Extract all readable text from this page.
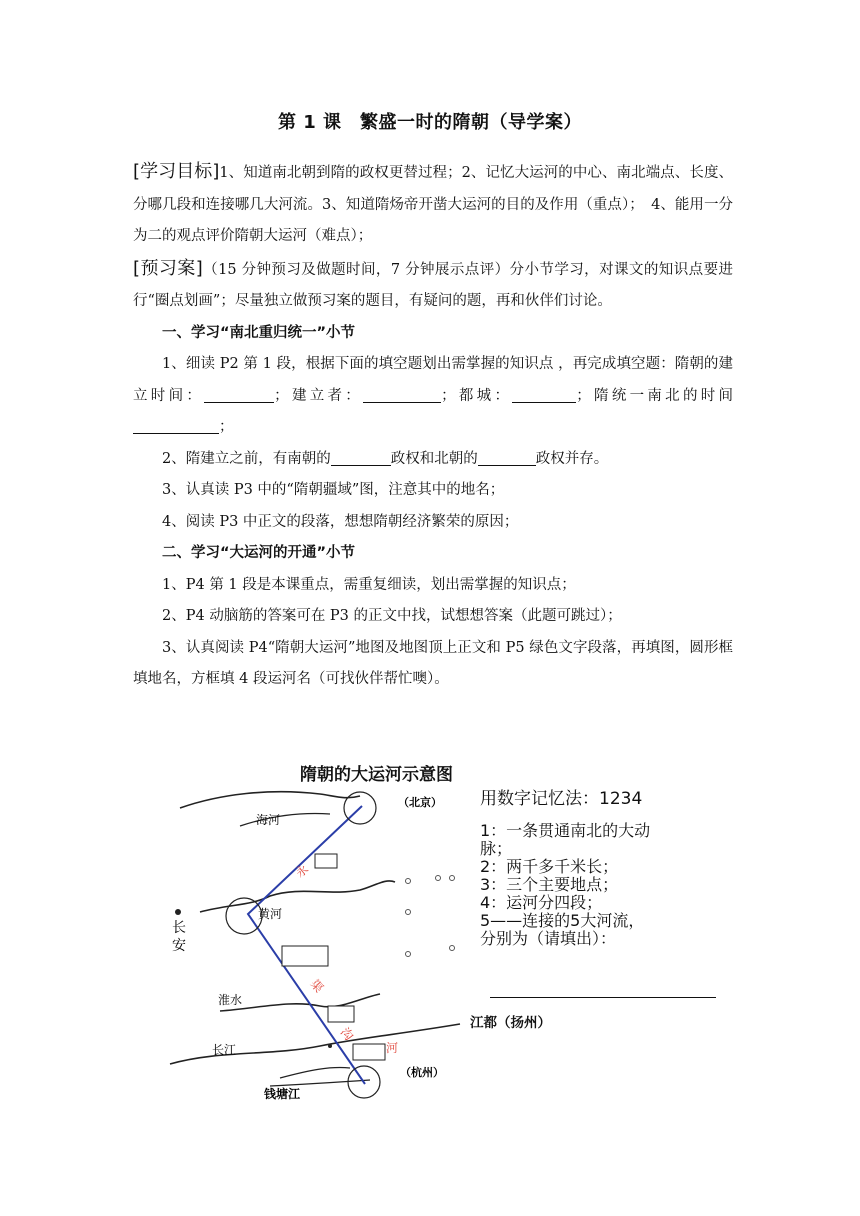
第 1 课　繁盛一时的隋朝（导学案）

[学习目标]1、知道南北朝到隋的政权更替过程；2、记忆大运河的中心、南北端点、长度、分哪几段和连接哪几大河流。3、知道隋炀帝开凿大运河的目的及作用（重点）；　4、能用一分为二的观点评价隋朝大运河（难点）；

[预习案]（15 分钟预习及做题时间，7 分钟展示点评）分小节学习，对课文的知识点要进行“圈点划画”；尽量独立做预习案的题目，有疑问的题，再和伙伴们讨论。

一、学习“南北重归统一”小节

1、细读 P2 第 1 段，根据下面的填空题划出需掌握的知识点 ，再完成填空题：隋朝的建立时间：	；建立者：	；都城：	；隋统一南北的时间；

2、隋建立之前，有南朝的	政权和北朝的	政权并存。

3、认真读 P3 中的“隋朝疆域”图，注意其中的地名；

4、阅读 P3 中正文的段落，想想隋朝经济繁荣的原因；

二、学习“大运河的开通”小节

1、P4 第 1 段是本课重点，需重复细读，划出需掌握的知识点；

2、P4 动脑筋的答案可在 P3 的正文中找，试想想答案（此题可跳过）；

3、认真阅读 P4“隋朝大运河”地图及地图顶上正文和 P5 绿色文字段落，再填图，圆形框填地名，方框填 4 段运河名（可找伙伴帮忙噢）。

隋朝的大运河示意图
（北京）
海河
黄河
长
安
淮水
长江
钱塘江
（杭州）
永
渠
沟
河
用数字记忆法：1234
1：一条贯通南北的大动
脉；
2：两千多千米长；
3：三个主要地点；
4：运河分四段；
5——连接的5大河流，
分别为（请填出）：
江都（扬州）
